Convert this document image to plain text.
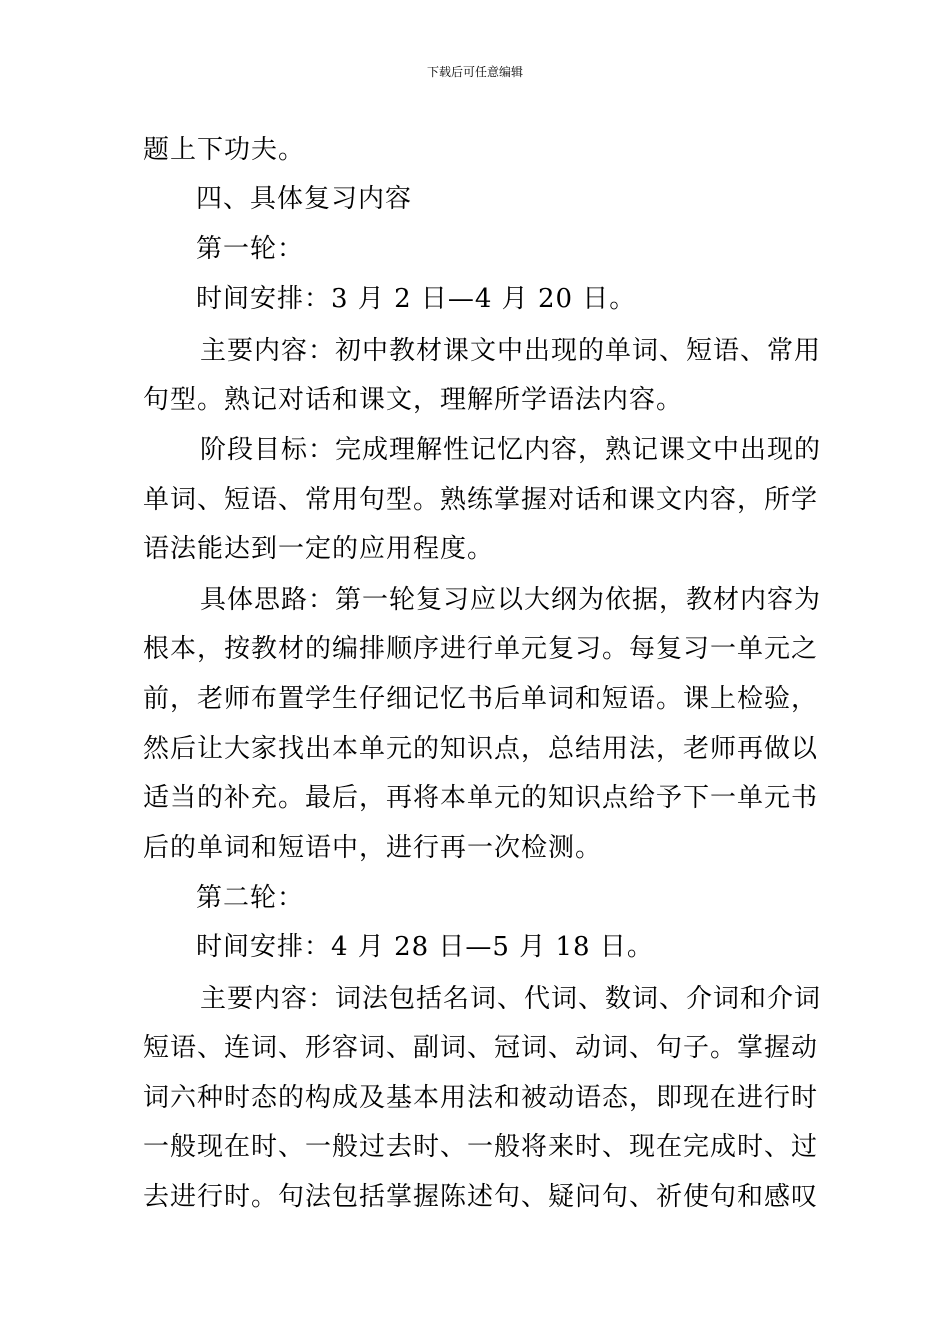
下载后可任意编辑
题上下功夫。
四、具体复习内容
第一轮：
时间安排：3 月 2 日—4 月 20 日。
主要内容：初中教材课文中出现的单词、短语、常用
句型。熟记对话和课文，理解所学语法内容。
阶段目标：完成理解性记忆内容，熟记课文中出现的
单词、短语、常用句型。熟练掌握对话和课文内容，所学
语法能达到一定的应用程度。
具体思路：第一轮复习应以大纲为依据，教材内容为
根本，按教材的编排顺序进行单元复习。每复习一单元之
前，老师布置学生仔细记忆书后单词和短语。课上检验，
然后让大家找出本单元的知识点，总结用法，老师再做以
适当的补充。最后，再将本单元的知识点给予下一单元书
后的单词和短语中，进行再一次检测。
第二轮：
时间安排：4 月 28 日—5 月 18 日。
主要内容：词法包括名词、代词、数词、介词和介词
短语、连词、形容词、副词、冠词、动词、句子。掌握动
词六种时态的构成及基本用法和被动语态，即现在进行时
一般现在时、一般过去时、一般将来时、现在完成时、过
去进行时。句法包括掌握陈述句、疑问句、祈使句和感叹
